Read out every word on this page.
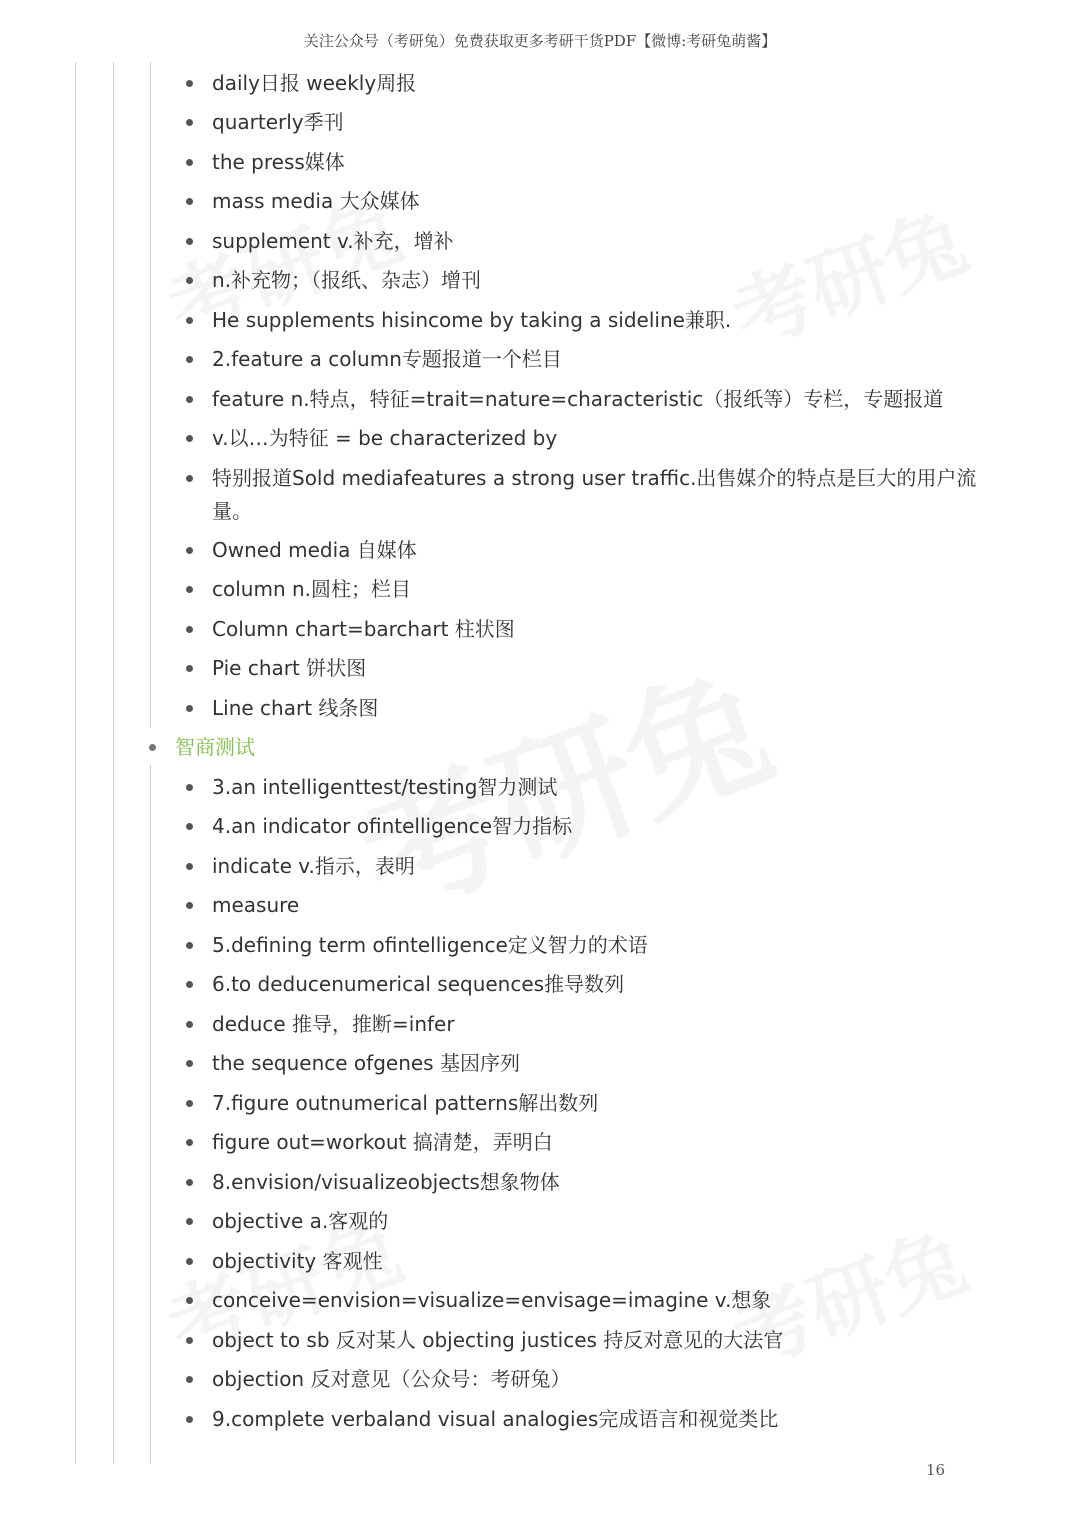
关注公众号（考研兔）免费获取更多考研干货PDF【微博:考研兔萌酱】
daily日报 weekly周报
quarterly季刊
the press媒体
mass media 大众媒体
supplement v.补充，增补
n.补充物；（报纸、杂志）增刊
He supplements hisincome by taking a sideline兼职.
2.feature a column专题报道一个栏目
feature n.特点，特征=trait=nature=characteristic（报纸等）专栏，专题报道
v.以…为特征 = be characterized by
特别报道Sold mediafeatures a strong user traffic.出售媒介的特点是巨大的用户流量。
Owned media 自媒体
column n.圆柱；栏目
Column chart=barchart 柱状图
Pie chart 饼状图
Line chart 线条图
智商测试
3.an intelligenttest/testing智力测试
4.an indicator ofintelligence智力指标
indicate v.指示，表明
measure
5.defining term ofintelligence定义智力的术语
6.to deducenumerical sequences推导数列
deduce 推导，推断=infer
the sequence ofgenes 基因序列
7.figure outnumerical patterns解出数列
figure out=workout 搞清楚，弄明白
8.envision/visualizeobjects想象物体
objective a.客观的
objectivity 客观性
conceive=envision=visualize=envisage=imagine v.想象
object to sb 反对某人 objecting justices 持反对意见的大法官
objection 反对意见（公众号：考研兔）
9.complete verbaland visual analogies完成语言和视觉类比
16
